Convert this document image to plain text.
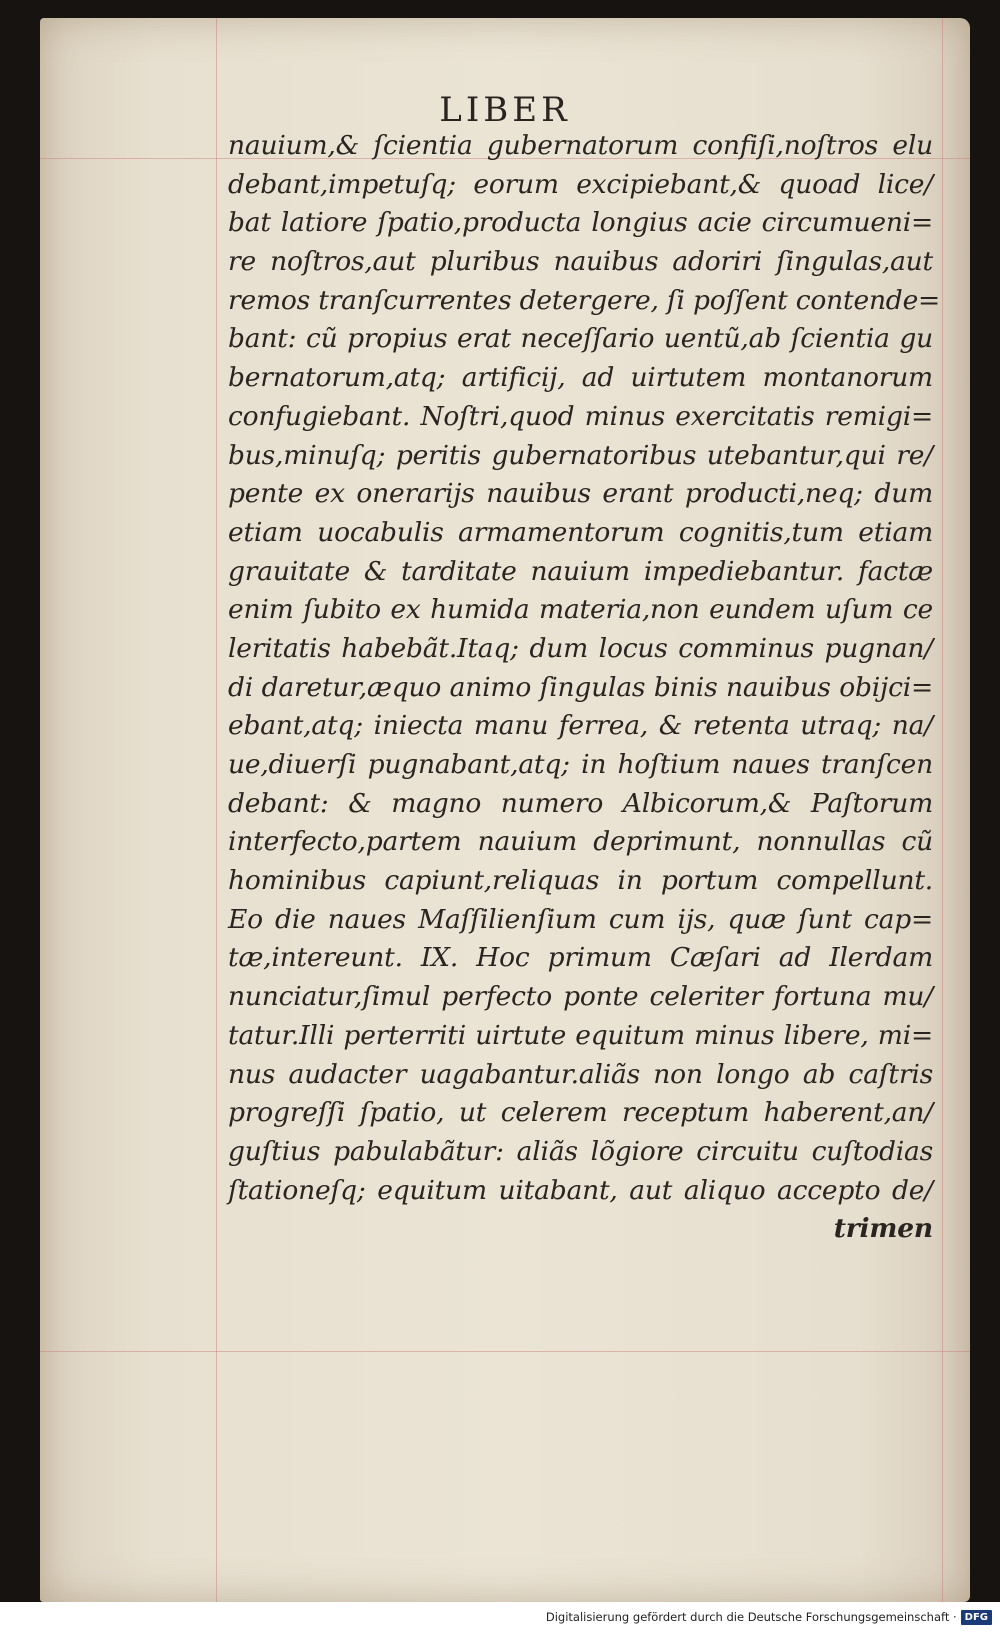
LIBER
nauium,& ſcientia gubernatorum confiſi,noſtros elu
debant,impetuſq; eorum excipiebant,& quoad lice/
bat latiore ſpatio,producta longius acie circumueni=
re noſtros,aut pluribus nauibus adoriri ſingulas,aut
remos tranſcurrentes detergere, ſi poſſent contende=
bant: cũ propius erat neceſſario uentũ,ab ſcientia gu
bernatorum,atq; artificij, ad uirtutem montanorum
confugiebant. Noſtri,quod minus exercitatis remigi=
bus,minuſq; peritis gubernatoribus utebantur,qui re/
pente ex onerarijs nauibus erant producti,neq; dum
etiam uocabulis armamentorum cognitis,tum etiam
grauitate & tarditate nauium impediebantur. factæ
enim ſubito ex humida materia,non eundem uſum ce
leritatis habebãt.Itaq; dum locus comminus pugnan/
di daretur,æquo animo ſingulas binis nauibus obijci=
ebant,atq; iniecta manu ferrea, & retenta utraq; na/
ue,diuerſi pugnabant,atq; in hoſtium naues tranſcen
debant: & magno numero Albicorum,& Paſtorum
interfecto,partem nauium deprimunt, nonnullas cũ
hominibus capiunt,reliquas in portum compellunt.
Eo die naues Maſſilienſium cum ijs, quæ ſunt cap=
tæ,intereunt. IX. Hoc primum Cæſari ad Ilerdam
nunciatur,ſimul perfecto ponte celeriter fortuna mu/
tatur.Illi perterriti uirtute equitum minus libere, mi=
nus audacter uagabantur.aliãs non longo ab caſtris
progreſſi ſpatio, ut celerem receptum haberent,an/
guſtius pabulabãtur: aliãs lõgiore circuitu cuſtodias
ſtationeſq; equitum uitabant, aut aliquo accepto de/
trimen
Digitalisierung gefördert durch die Deutsche Forschungsgemeinschaft · DFG
